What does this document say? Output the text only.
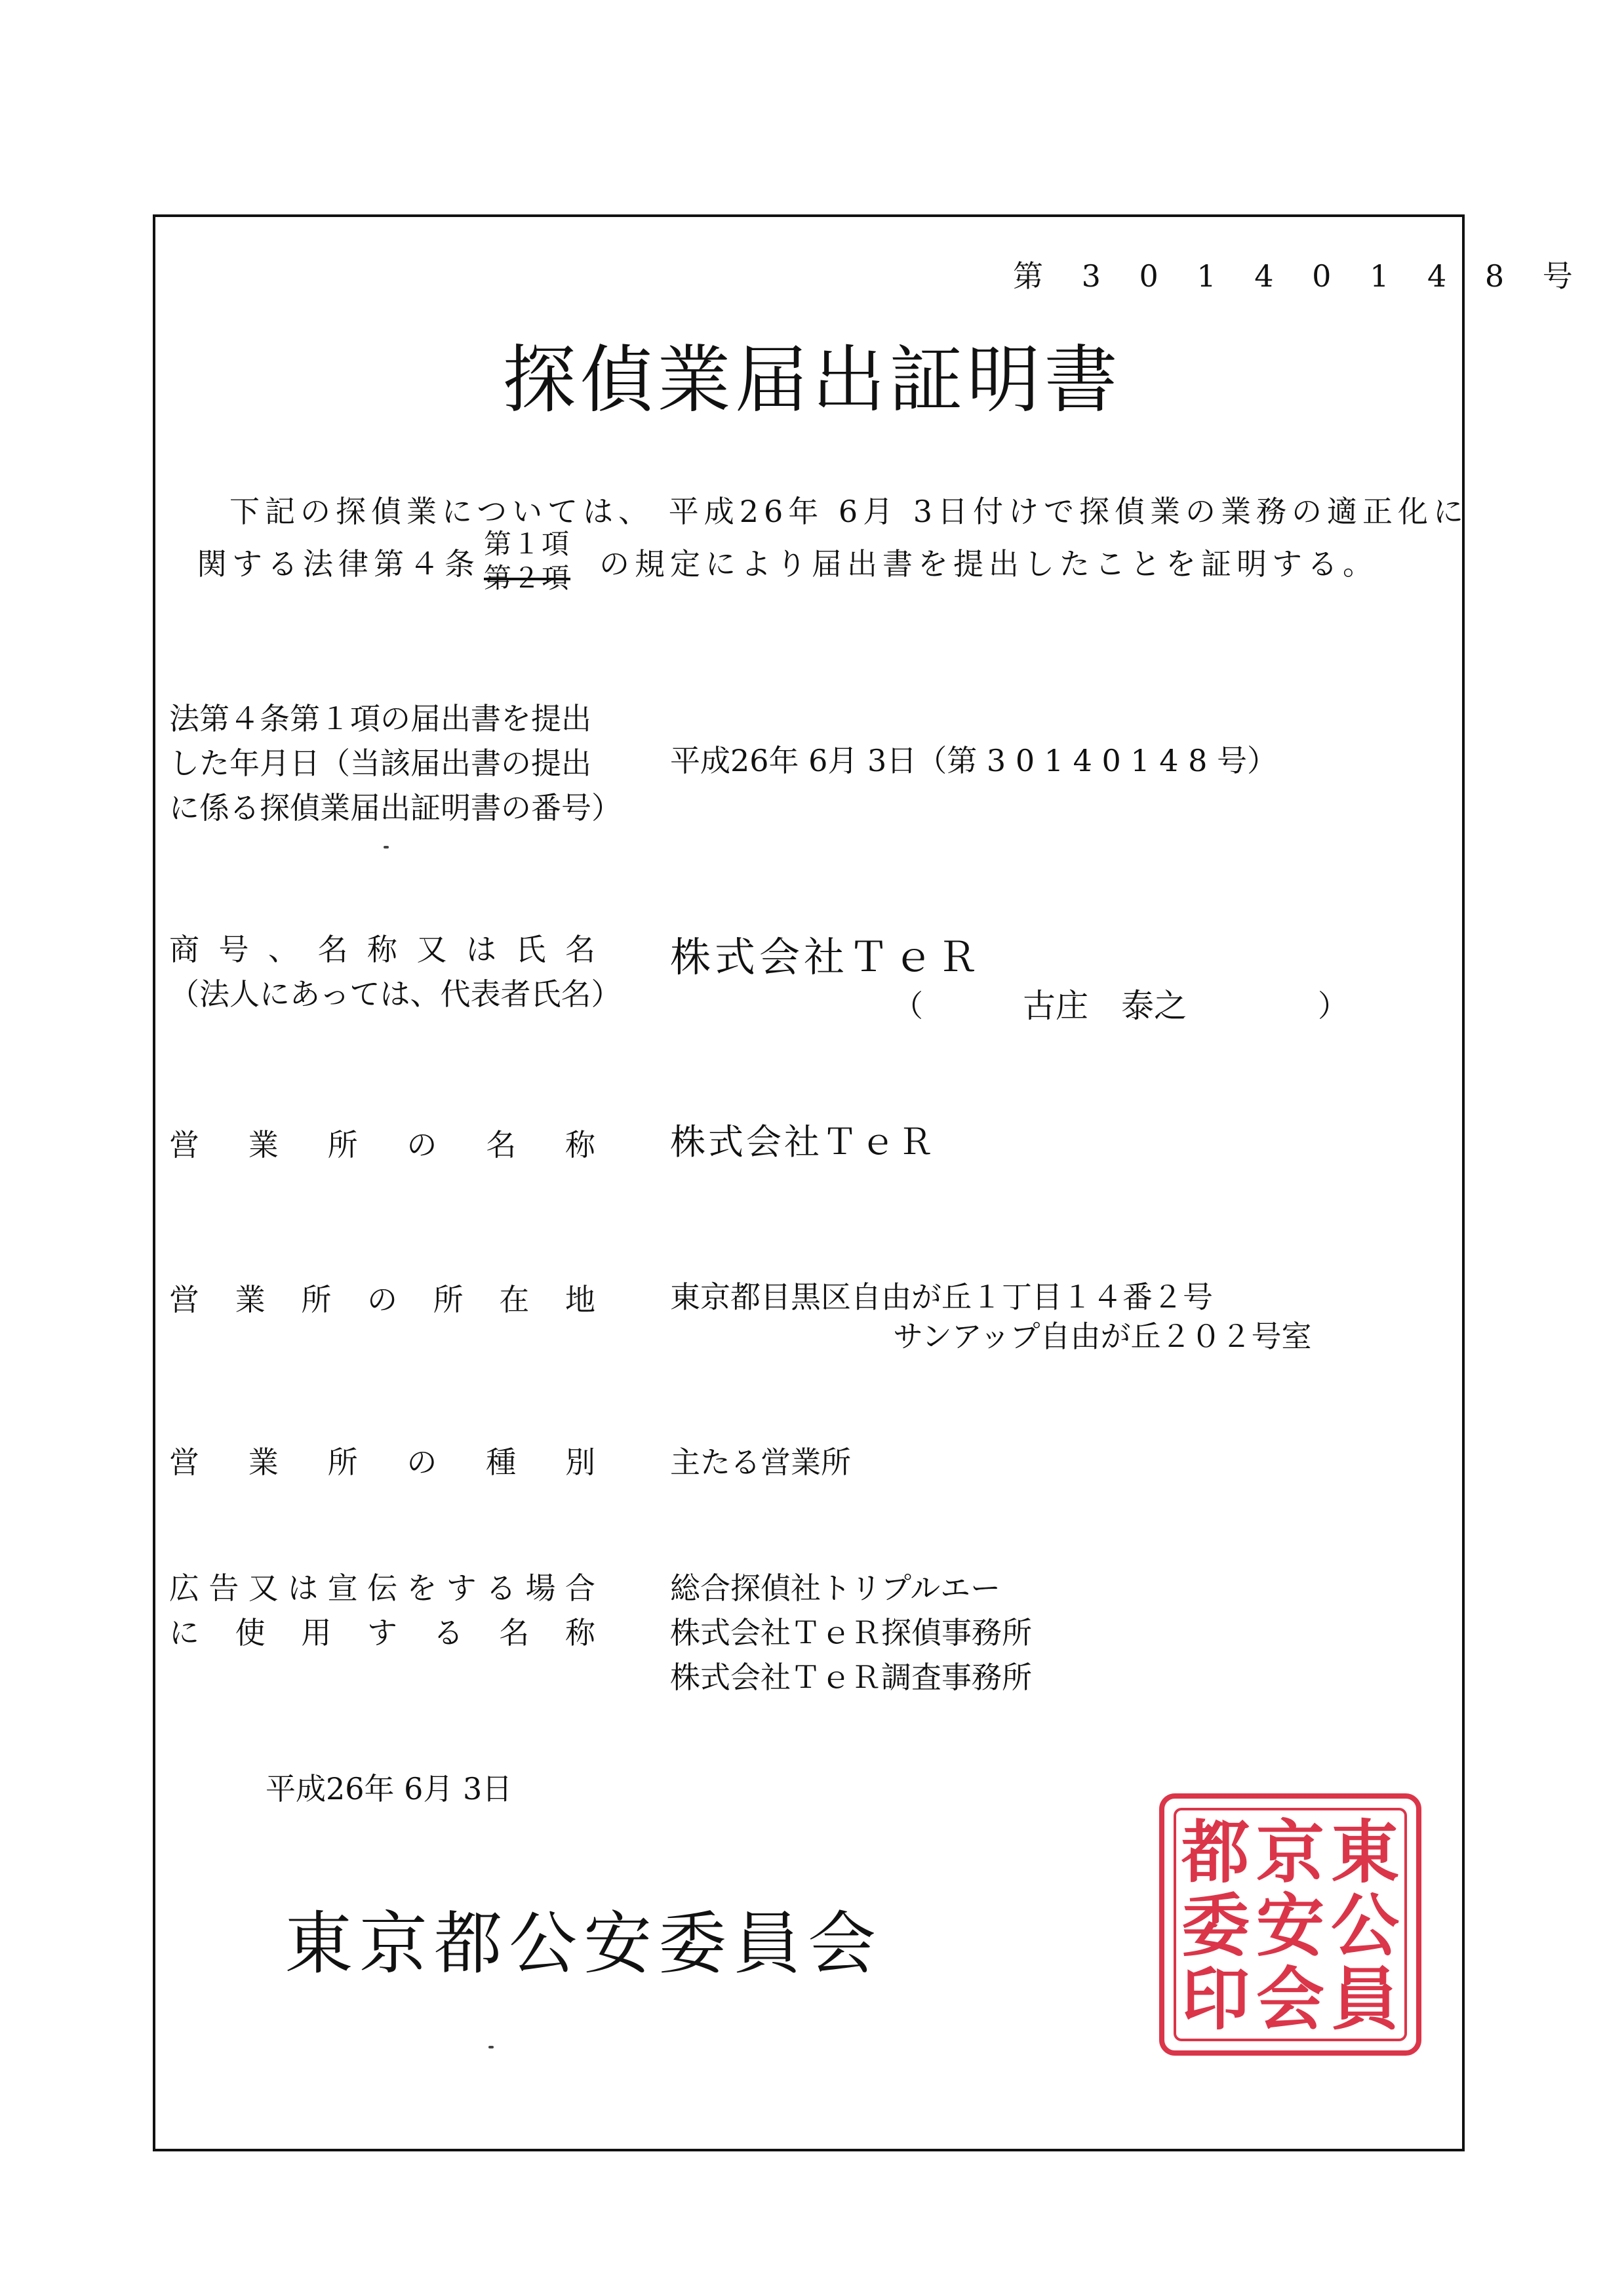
第 3 0 1 4 0 1 4 8 号
探偵業届出証明書
下記の探偵業については、 平成26年 6月 3日付けで探偵業の業務の適正化に
関する法律第４条
第１項
第２項 の規定により届出書を提出したことを証明する。
法第４条第１項の届出書を提出
した年月日（当該届出書の提出
に係る探偵業届出証明書の番号）
平成26年 6月 3日（第 3 0 1 4 0 1 4 8 号）
商 号 、 名 称 又 は 氏 名
（法人にあっては、代表者氏名）
株式会社ＴｅＲ
（	古庄　泰之	）
営 業 所 の 名 称 株式会社ＴｅＲ
営 業 所 の 所 在 地 東京都目黒区自由が丘１丁目１４番２号
サンアップ自由が丘２０２号室
営 業 所 の 種 別 主たる営業所
広 告 又 は 宣 伝 を す る 場 合
に 使 用 す る 名 称
総合探偵社トリプルエー
株式会社ＴｅＲ探偵事務所
株式会社ＴｅＲ調査事務所
平成26年 6月 3日
東京都公安委員会
東
公
員
京
安
会
都
委
印
